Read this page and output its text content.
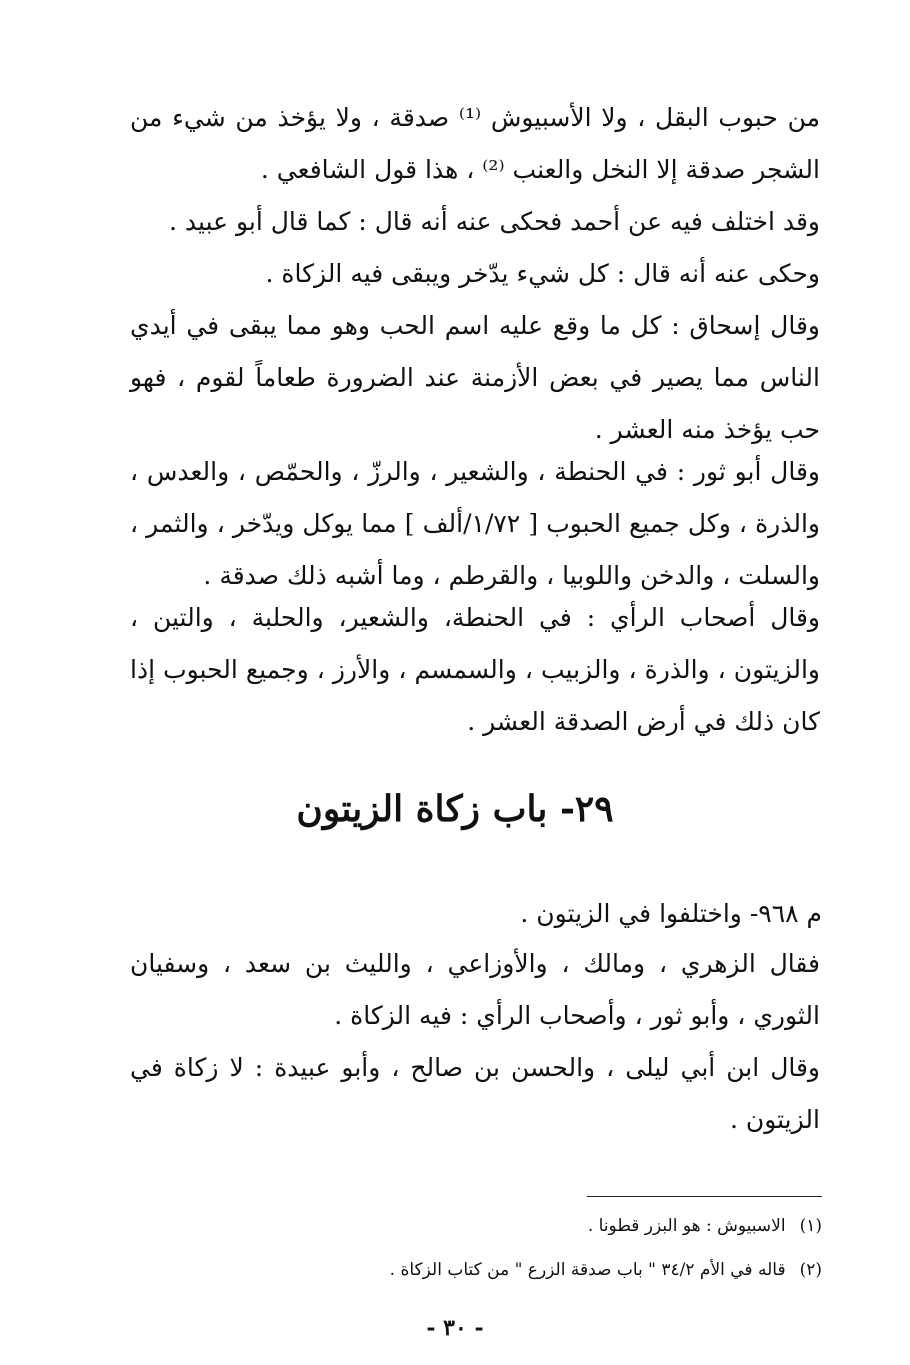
من حبوب البقل ، ولا الأسبيوش ⁽¹⁾ صدقة ، ولا يؤخذ من شيء من الشجر صدقة إلا النخل والعنب ⁽²⁾ ، هذا قول الشافعي .

وقد اختلف فيه عن أحمد فحكى عنه أنه قال : كما قال أبو عبيد .

وحكى عنه أنه قال : كل شيء يدّخر ويبقى فيه الزكاة .

وقال إسحاق : كل ما وقع عليه اسم الحب وهو مما يبقى في أيدي الناس مما يصير في بعض الأزمنة عند الضرورة طعاماً لقوم ، فهو حب يؤخذ منه العشر .

وقال أبو ثور : في الحنطة ، والشعير ، والرزّ ، والحمّص ، والعدس ، والذرة ، وكل جميع الحبوب [ ١/٧٢/ألف ] مما يوكل ويدّخر ، والثمر ، والسلت ، والدخن واللوبيا ، والقرطم ، وما أشبه ذلك صدقة .

وقال أصحاب الرأي : في الحنطة، والشعير، والحلبة ، والتين ، والزيتون ، والذرة ، والزبيب ، والسمسم ، والأرز ، وجميع الحبوب إذا كان ذلك في أرض الصدقة العشر .

٢٩- باب زكاة الزيتون

م ٩٦٨- واختلفوا في الزيتون .

فقال الزهري ، ومالك ، والأوزاعي ، والليث بن سعد ، وسفيان الثوري ، وأبو ثور ، وأصحاب الرأي : فيه الزكاة .

وقال ابن أبي ليلى ، والحسن بن صالح ، وأبو عبيدة : لا زكاة في الزيتون .

(١)الاسبيوش : هو البزر قطونا .

(٢)قاله في الأم ٣٤/٢ " باب صدقة الزرع " من كتاب الزكاة .

- ٣٠ -
